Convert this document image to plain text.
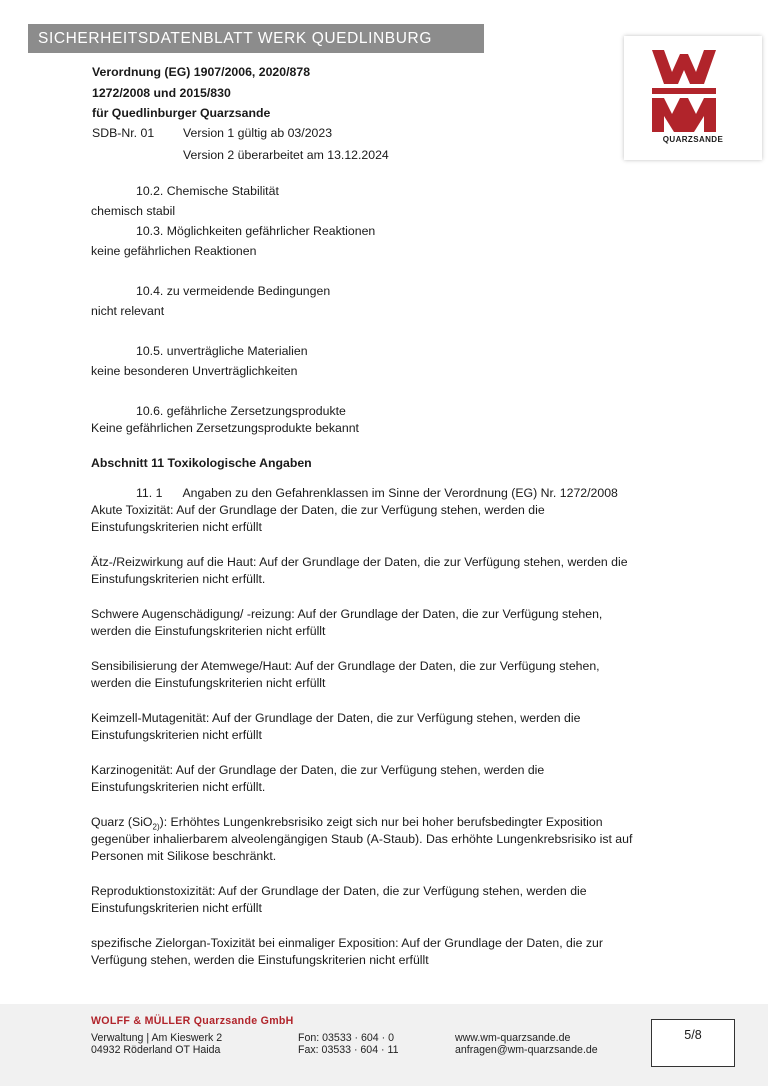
SICHERHEITSDATENBLATT WERK QUEDLINBURG
QUARZSANDE
Verordnung (EG) 1907/2006, 2020/878
1272/2008 und 2015/830
für Quedlinburger Quarzsande
SDB-Nr. 01 Version 1 gültig ab 03/2023
Version 2 überarbeitet am 13.12.2024
10.2. Chemische Stabilität
chemisch stabil
10.3. Möglichkeiten gefährlicher Reaktionen
keine gefährlichen Reaktionen
10.4. zu vermeidende Bedingungen
nicht relevant
10.5. unverträgliche Materialien
keine besonderen Unverträglichkeiten
10.6. gefährliche Zersetzungsprodukte
Keine gefährlichen Zersetzungsprodukte bekannt
Abschnitt 11 Toxikologische Angaben
11. 1 Angaben zu den Gefahrenklassen im Sinne der Verordnung (EG) Nr. 1272/2008
Akute Toxizität: Auf der Grundlage der Daten, die zur Verfügung stehen, werden die
Einstufungskriterien nicht erfüllt
Ätz-/Reizwirkung auf die Haut: Auf der Grundlage der Daten, die zur Verfügung stehen, werden die
Einstufungskriterien nicht erfüllt.
Schwere Augenschädigung/ -reizung: Auf der Grundlage der Daten, die zur Verfügung stehen,
werden die Einstufungskriterien nicht erfüllt
Sensibilisierung der Atemwege/Haut: Auf der Grundlage der Daten, die zur Verfügung stehen,
werden die Einstufungskriterien nicht erfüllt
Keimzell-Mutagenität: Auf der Grundlage der Daten, die zur Verfügung stehen, werden die
Einstufungskriterien nicht erfüllt
Karzinogenität: Auf der Grundlage der Daten, die zur Verfügung stehen, werden die
Einstufungskriterien nicht erfüllt.
Quarz (SiO$_{2)}$): Erhöhtes Lungenkrebsrisiko zeigt sich nur bei hoher berufsbedingter Exposition
gegenüber inhalierbarem alveolengängigen Staub (A-Staub). Das erhöhte Lungenkrebsrisiko ist auf
Personen mit Silikose beschränkt.
Reproduktionstoxizität: Auf der Grundlage der Daten, die zur Verfügung stehen, werden die
Einstufungskriterien nicht erfüllt
spezifische Zielorgan-Toxizität bei einmaliger Exposition: Auf der Grundlage der Daten, die zur
Verfügung stehen, werden die Einstufungskriterien nicht erfüllt
WOLFF & MÜLLER Quarzsande GmbH
Verwaltung | Am Kieswerk 2
04932 Röderland OT Haida
Fon: 03533 · 604 · 0
Fax: 03533 · 604 · 11
www.wm-quarzsande.de
anfragen@wm-quarzsande.de
5/8
